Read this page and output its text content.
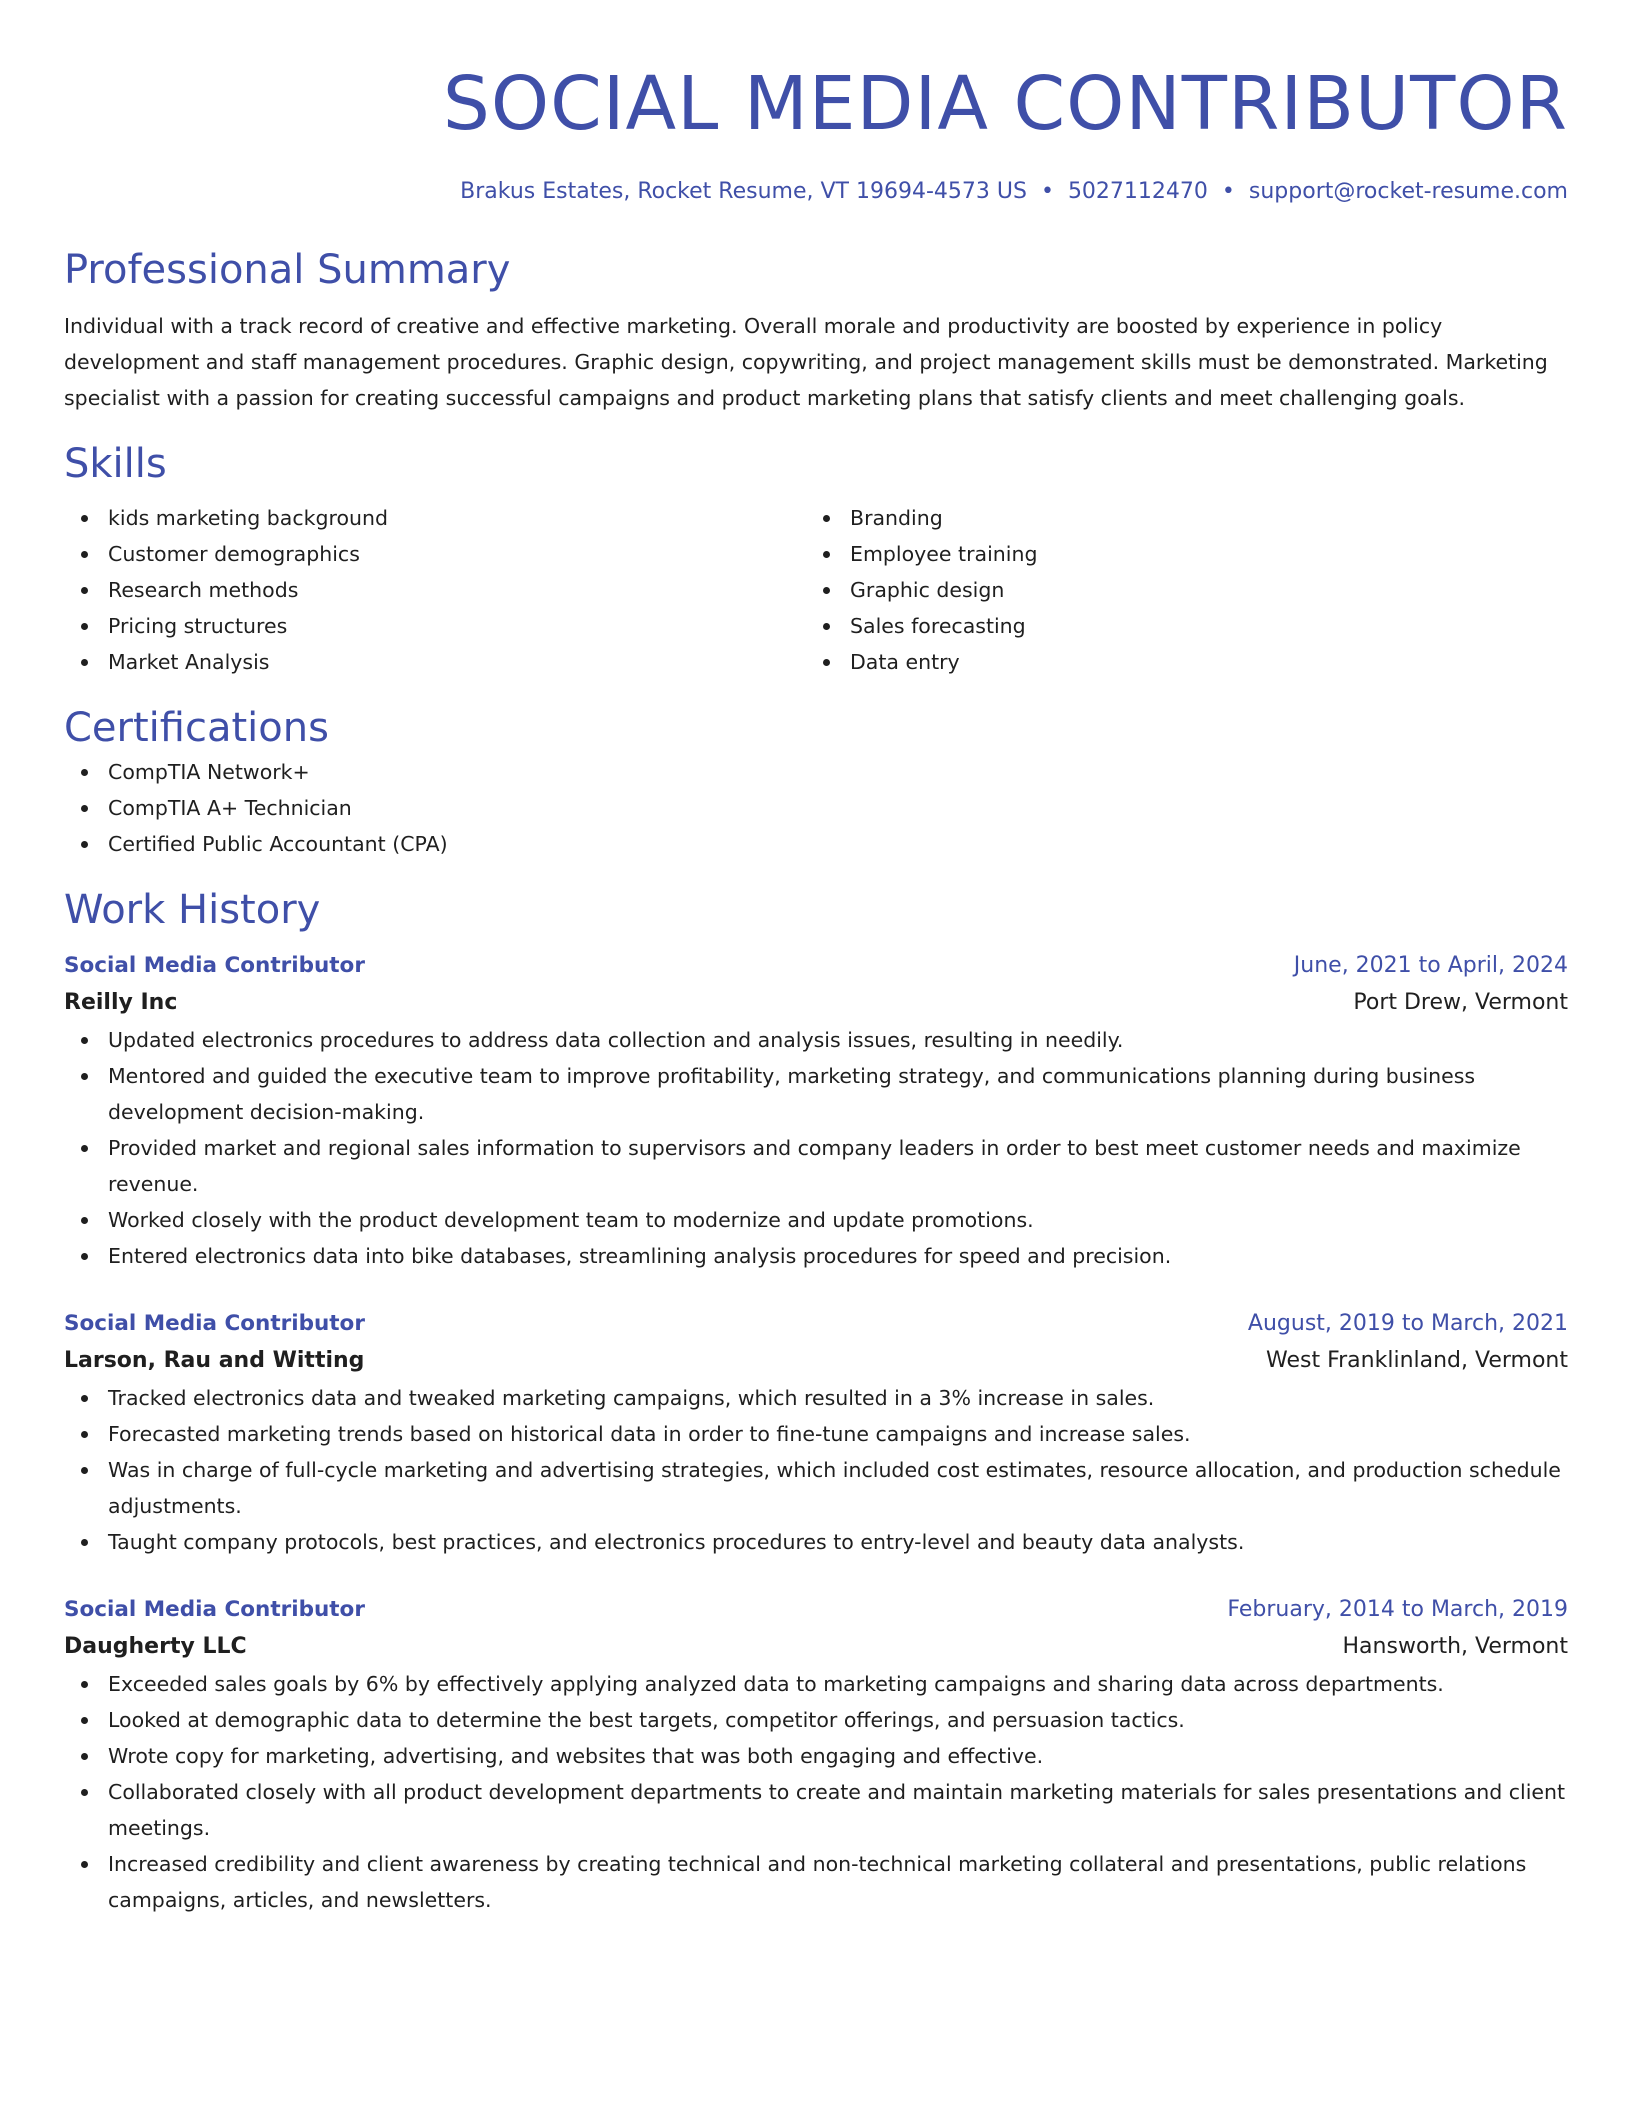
SOCIAL MEDIA CONTRIBUTOR
Brakus Estates, Rocket Resume, VT 19694-4573 US • 5027112470 • support@rocket-resume.com
Professional Summary
Individual with a track record of creative and effective marketing. Overall morale and productivity are boosted by experience in policy development and staff management procedures. Graphic design, copywriting, and project management skills must be demonstrated. Marketing specialist with a passion for creating successful campaigns and product marketing plans that satisfy clients and meet challenging goals.
Skills
kids marketing background
Customer demographics
Research methods
Pricing structures
Market Analysis
Branding
Employee training
Graphic design
Sales forecasting
Data entry
Certifications
CompTIA Network+
CompTIA A+ Technician
Certified Public Accountant (CPA)
Work History
Social Media Contributor	June, 2021 to April, 2024
Reilly Inc	Port Drew, Vermont
Updated electronics procedures to address data collection and analysis issues, resulting in needily.
Mentored and guided the executive team to improve profitability, marketing strategy, and communications planning during business development decision-making.
Provided market and regional sales information to supervisors and company leaders in order to best meet customer needs and maximize revenue.
Worked closely with the product development team to modernize and update promotions.
Entered electronics data into bike databases, streamlining analysis procedures for speed and precision.
Social Media Contributor	August, 2019 to March, 2021
Larson, Rau and Witting	West Franklinland, Vermont
Tracked electronics data and tweaked marketing campaigns, which resulted in a 3% increase in sales.
Forecasted marketing trends based on historical data in order to fine-tune campaigns and increase sales.
Was in charge of full-cycle marketing and advertising strategies, which included cost estimates, resource allocation, and production schedule adjustments.
Taught company protocols, best practices, and electronics procedures to entry-level and beauty data analysts.
Social Media Contributor	February, 2014 to March, 2019
Daugherty LLC	Hansworth, Vermont
Exceeded sales goals by 6% by effectively applying analyzed data to marketing campaigns and sharing data across departments.
Looked at demographic data to determine the best targets, competitor offerings, and persuasion tactics.
Wrote copy for marketing, advertising, and websites that was both engaging and effective.
Collaborated closely with all product development departments to create and maintain marketing materials for sales presentations and client meetings.
Increased credibility and client awareness by creating technical and non-technical marketing collateral and presentations, public relations campaigns, articles, and newsletters.
